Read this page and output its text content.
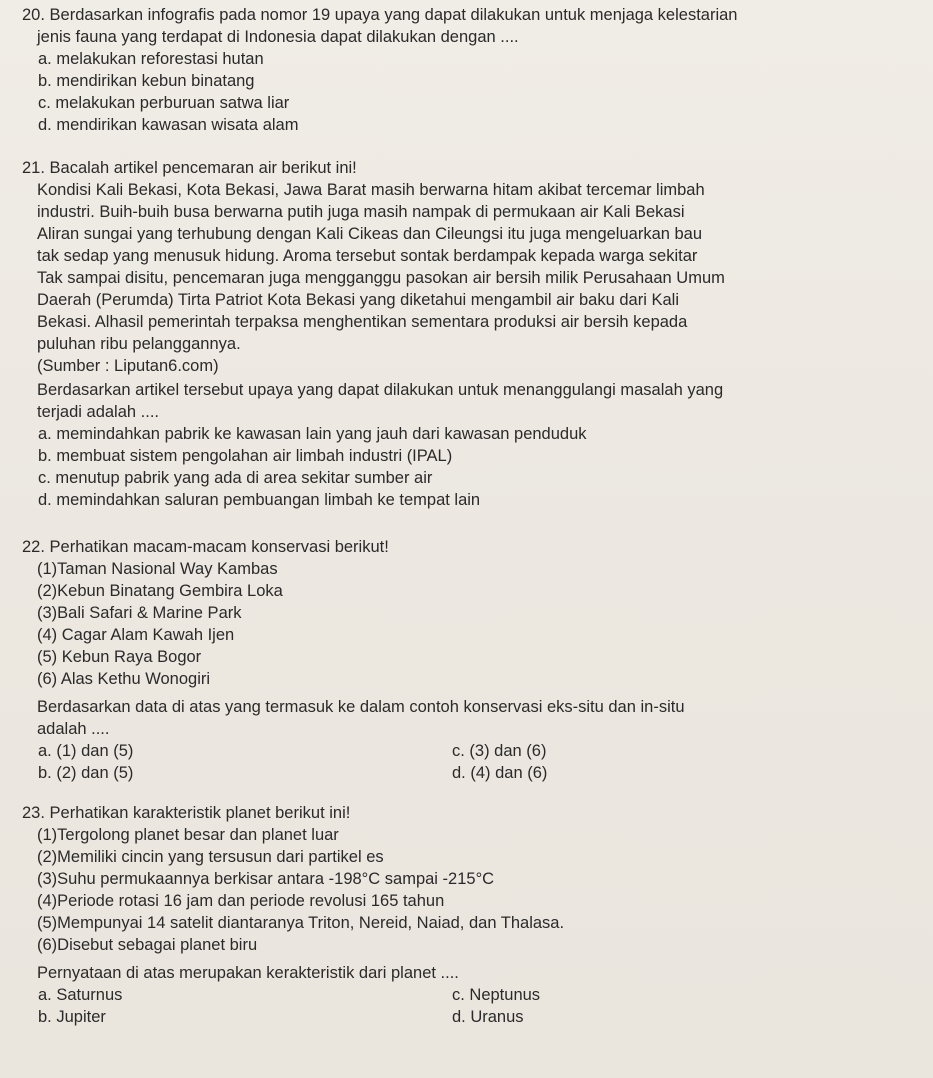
20. Berdasarkan infografis pada nomor 19 upaya yang dapat dilakukan untuk menjaga kelestarian
jenis fauna yang terdapat di Indonesia dapat dilakukan dengan ....
a. melakukan reforestasi hutan
b. mendirikan kebun binatang
c. melakukan perburuan satwa liar
d. mendirikan kawasan wisata alam
21. Bacalah artikel pencemaran air berikut ini!
Kondisi Kali Bekasi, Kota Bekasi, Jawa Barat masih berwarna hitam akibat tercemar limbah
industri. Buih-buih busa berwarna putih juga masih nampak di permukaan air Kali Bekasi
Aliran sungai yang terhubung dengan Kali Cikeas dan Cileungsi itu juga mengeluarkan bau
tak sedap yang menusuk hidung. Aroma tersebut sontak berdampak kepada warga sekitar
Tak sampai disitu, pencemaran juga mengganggu pasokan air bersih milik Perusahaan Umum
Daerah (Perumda) Tirta Patriot Kota Bekasi yang diketahui mengambil air baku dari Kali
Bekasi. Alhasil pemerintah terpaksa menghentikan sementara produksi air bersih kepada
puluhan ribu pelanggannya.
(Sumber : Liputan6.com)
Berdasarkan artikel tersebut upaya yang dapat dilakukan untuk menanggulangi masalah yang
terjadi adalah ....
a. memindahkan pabrik ke kawasan lain yang jauh dari kawasan penduduk
b. membuat sistem pengolahan air limbah industri (IPAL)
c. menutup pabrik yang ada di area sekitar sumber air
d. memindahkan saluran pembuangan limbah ke tempat lain
22. Perhatikan macam-macam konservasi berikut!
(1)Taman Nasional Way Kambas
(2)Kebun Binatang Gembira Loka
(3)Bali Safari & Marine Park
(4) Cagar Alam Kawah Ijen
(5) Kebun Raya Bogor
(6) Alas Kethu Wonogiri
Berdasarkan data di atas yang termasuk ke dalam contoh konservasi eks-situ dan in-situ
adalah ....
a. (1) dan (5)	c. (3) dan (6)
b. (2) dan (5)	d. (4) dan (6)
23. Perhatikan karakteristik planet berikut ini!
(1)Tergolong planet besar dan planet luar
(2)Memiliki cincin yang tersusun dari partikel es
(3)Suhu permukaannya berkisar antara -198°C sampai -215°C
(4)Periode rotasi 16 jam dan periode revolusi 165 tahun
(5)Mempunyai 14 satelit diantaranya Triton, Nereid, Naiad, dan Thalasa.
(6)Disebut sebagai planet biru
Pernyataan di atas merupakan kerakteristik dari planet ....
a. Saturnus	c. Neptunus
b. Jupiter	d. Uranus
